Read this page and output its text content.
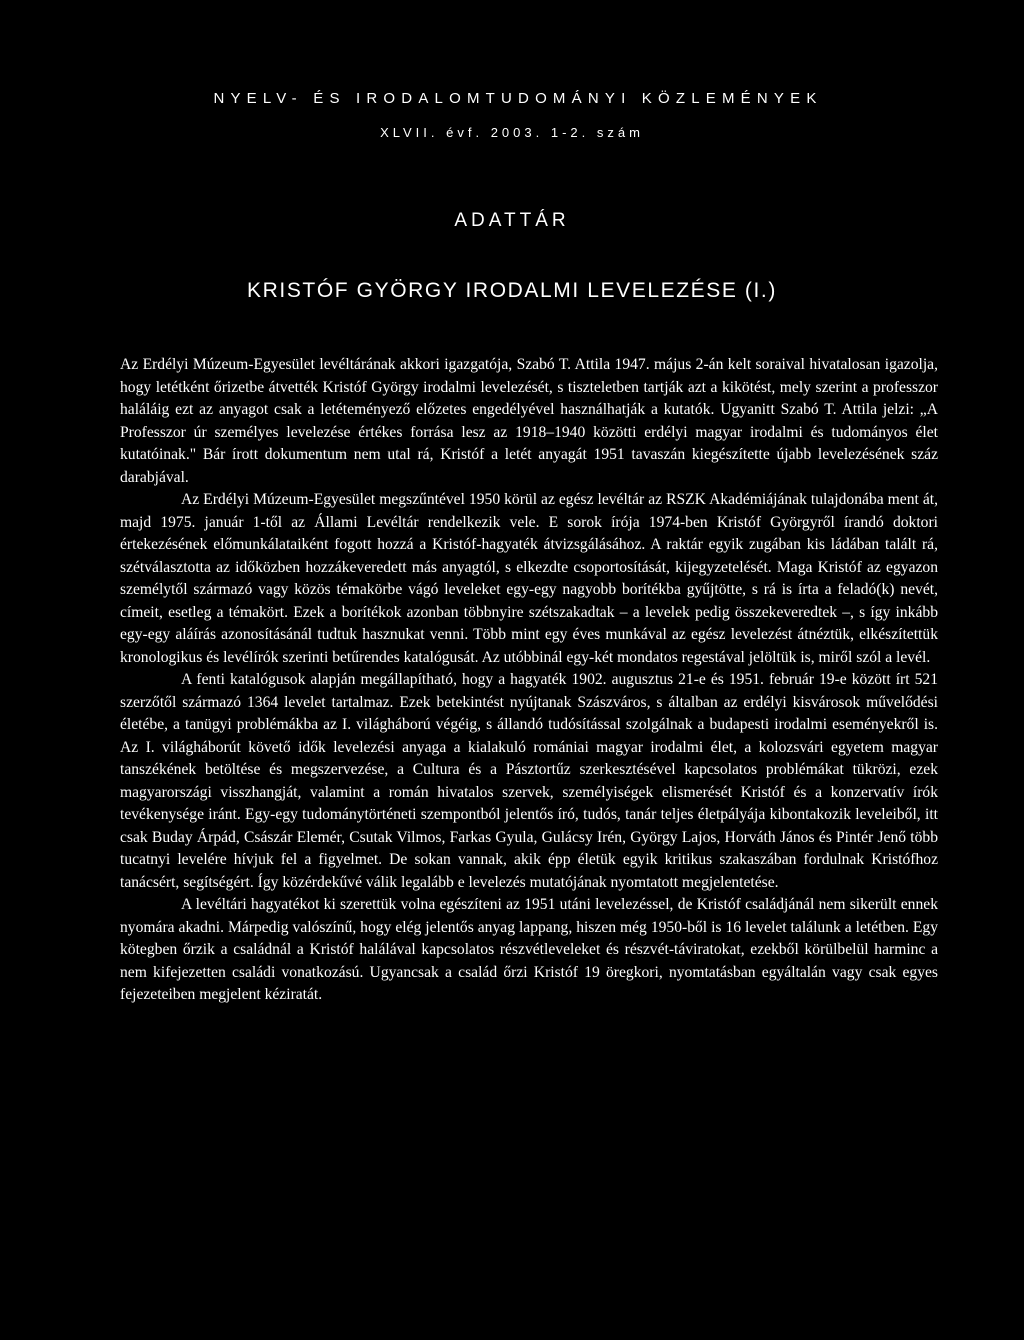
NYELV- ÉS IRODALOMTUDOMÁNYI KÖZLEMÉNYEK
XLVII. évf. 2003. 1-2. szám
ADATTÁR
KRISTÓF GYÖRGY IRODALMI LEVELEZÉSE (I.)

Az Erdélyi Múzeum-Egyesület levéltárának akkori igazgatója, Szabó T. Attila 1947. május 2-án kelt soraival hivatalosan igazolja, hogy letétként őrizetbe átvették Kristóf György irodalmi levelezését, s tiszteletben tartják azt a kikötést, mely szerint a professzor haláláig ezt az anyagot csak a letéteményező előzetes engedélyével használhatják a kutatók. Ugyanitt Szabó T. Attila jelzi: „A Professzor úr személyes levelezése értékes forrása lesz az 1918–1940 közötti erdélyi magyar irodalmi és tudományos élet kutatóinak." Bár írott dokumentum nem utal rá, Kristóf a letét anyagát 1951 tavaszán kiegészítette újabb levelezésének száz darabjával.

Az Erdélyi Múzeum-Egyesület megszűntével 1950 körül az egész levéltár az RSZK Akadémiájának tulajdonába ment át, majd 1975. január 1-től az Állami Levéltár rendelkezik vele. E sorok írója 1974-ben Kristóf Györgyről írandó doktori értekezésének előmunkálataiként fogott hozzá a Kristóf-hagyaték átvizsgálásához. A raktár egyik zugában kis ládában talált rá, szétválasztotta az időközben hozzákeveredett más anyagtól, s elkezdte csoportosítását, kijegyzetelését. Maga Kristóf az egyazon személytől származó vagy közös témakörbe vágó leveleket egy-egy nagyobb borítékba gyűjtötte, s rá is írta a feladó(k) nevét, címeit, esetleg a témakört. Ezek a borítékok azonban többnyire szétszakadtak – a levelek pedig összekeveredtek –, s így inkább egy-egy aláírás azonosításánál tudtuk hasznukat venni. Több mint egy éves munkával az egész levelezést átnéztük, elkészítettük kronologikus és levélírók szerinti betűrendes katalógusát. Az utóbbinál egy-két mondatos regestával jelöltük is, miről szól a levél.

A fenti katalógusok alapján megállapítható, hogy a hagyaték 1902. augusztus 21-e és 1951. február 19-e között írt 521 szerzőtől származó 1364 levelet tartalmaz. Ezek betekintést nyújtanak Szászváros, s általban az erdélyi kisvárosok művelődési életébe, a tanügyi problémákba az I. világháború végéig, s állandó tudósítással szolgálnak a budapesti irodalmi eseményekről is. Az I. világháborút követő idők levelezési anyaga a kialakuló romániai magyar irodalmi élet, a kolozsvári egyetem magyar tanszékének betöltése és megszervezése, a Cultura és a Pásztortűz szerkesztésével kapcsolatos problémákat tükrözi, ezek magyarországi visszhangját, valamint a román hivatalos szervek, személyiségek elismerését Kristóf és a konzervatív írók tevékenysége iránt. Egy-egy tudománytörténeti szempontból jelentős író, tudós, tanár teljes életpályája kibontakozik leveleiből, itt csak Buday Árpád, Császár Elemér, Csutak Vilmos, Farkas Gyula, Gulácsy Irén, György Lajos, Horváth János és Pintér Jenő több tucatnyi levelére hívjuk fel a figyelmet. De sokan vannak, akik épp életük egyik kritikus szakaszában fordulnak Kristófhoz tanácsért, segítségért. Így közérdekűvé válik legalább e levelezés mutatójának nyomtatott megjelentetése.

A levéltári hagyatékot ki szerettük volna egészíteni az 1951 utáni levelezéssel, de Kristóf családjánál nem sikerült ennek nyomára akadni. Márpedig valószínű, hogy elég jelentős anyag lappang, hiszen még 1950-ből is 16 levelet találunk a letétben. Egy kötegben őrzik a családnál a Kristóf halálával kapcsolatos részvétleveleket és részvét-táviratokat, ezekből körülbelül harminc a nem kifejezetten családi vonatkozású. Ugyancsak a család őrzi Kristóf 19 öregkori, nyomtatásban egyáltalán vagy csak egyes fejezeteiben megjelent kéziratát.
